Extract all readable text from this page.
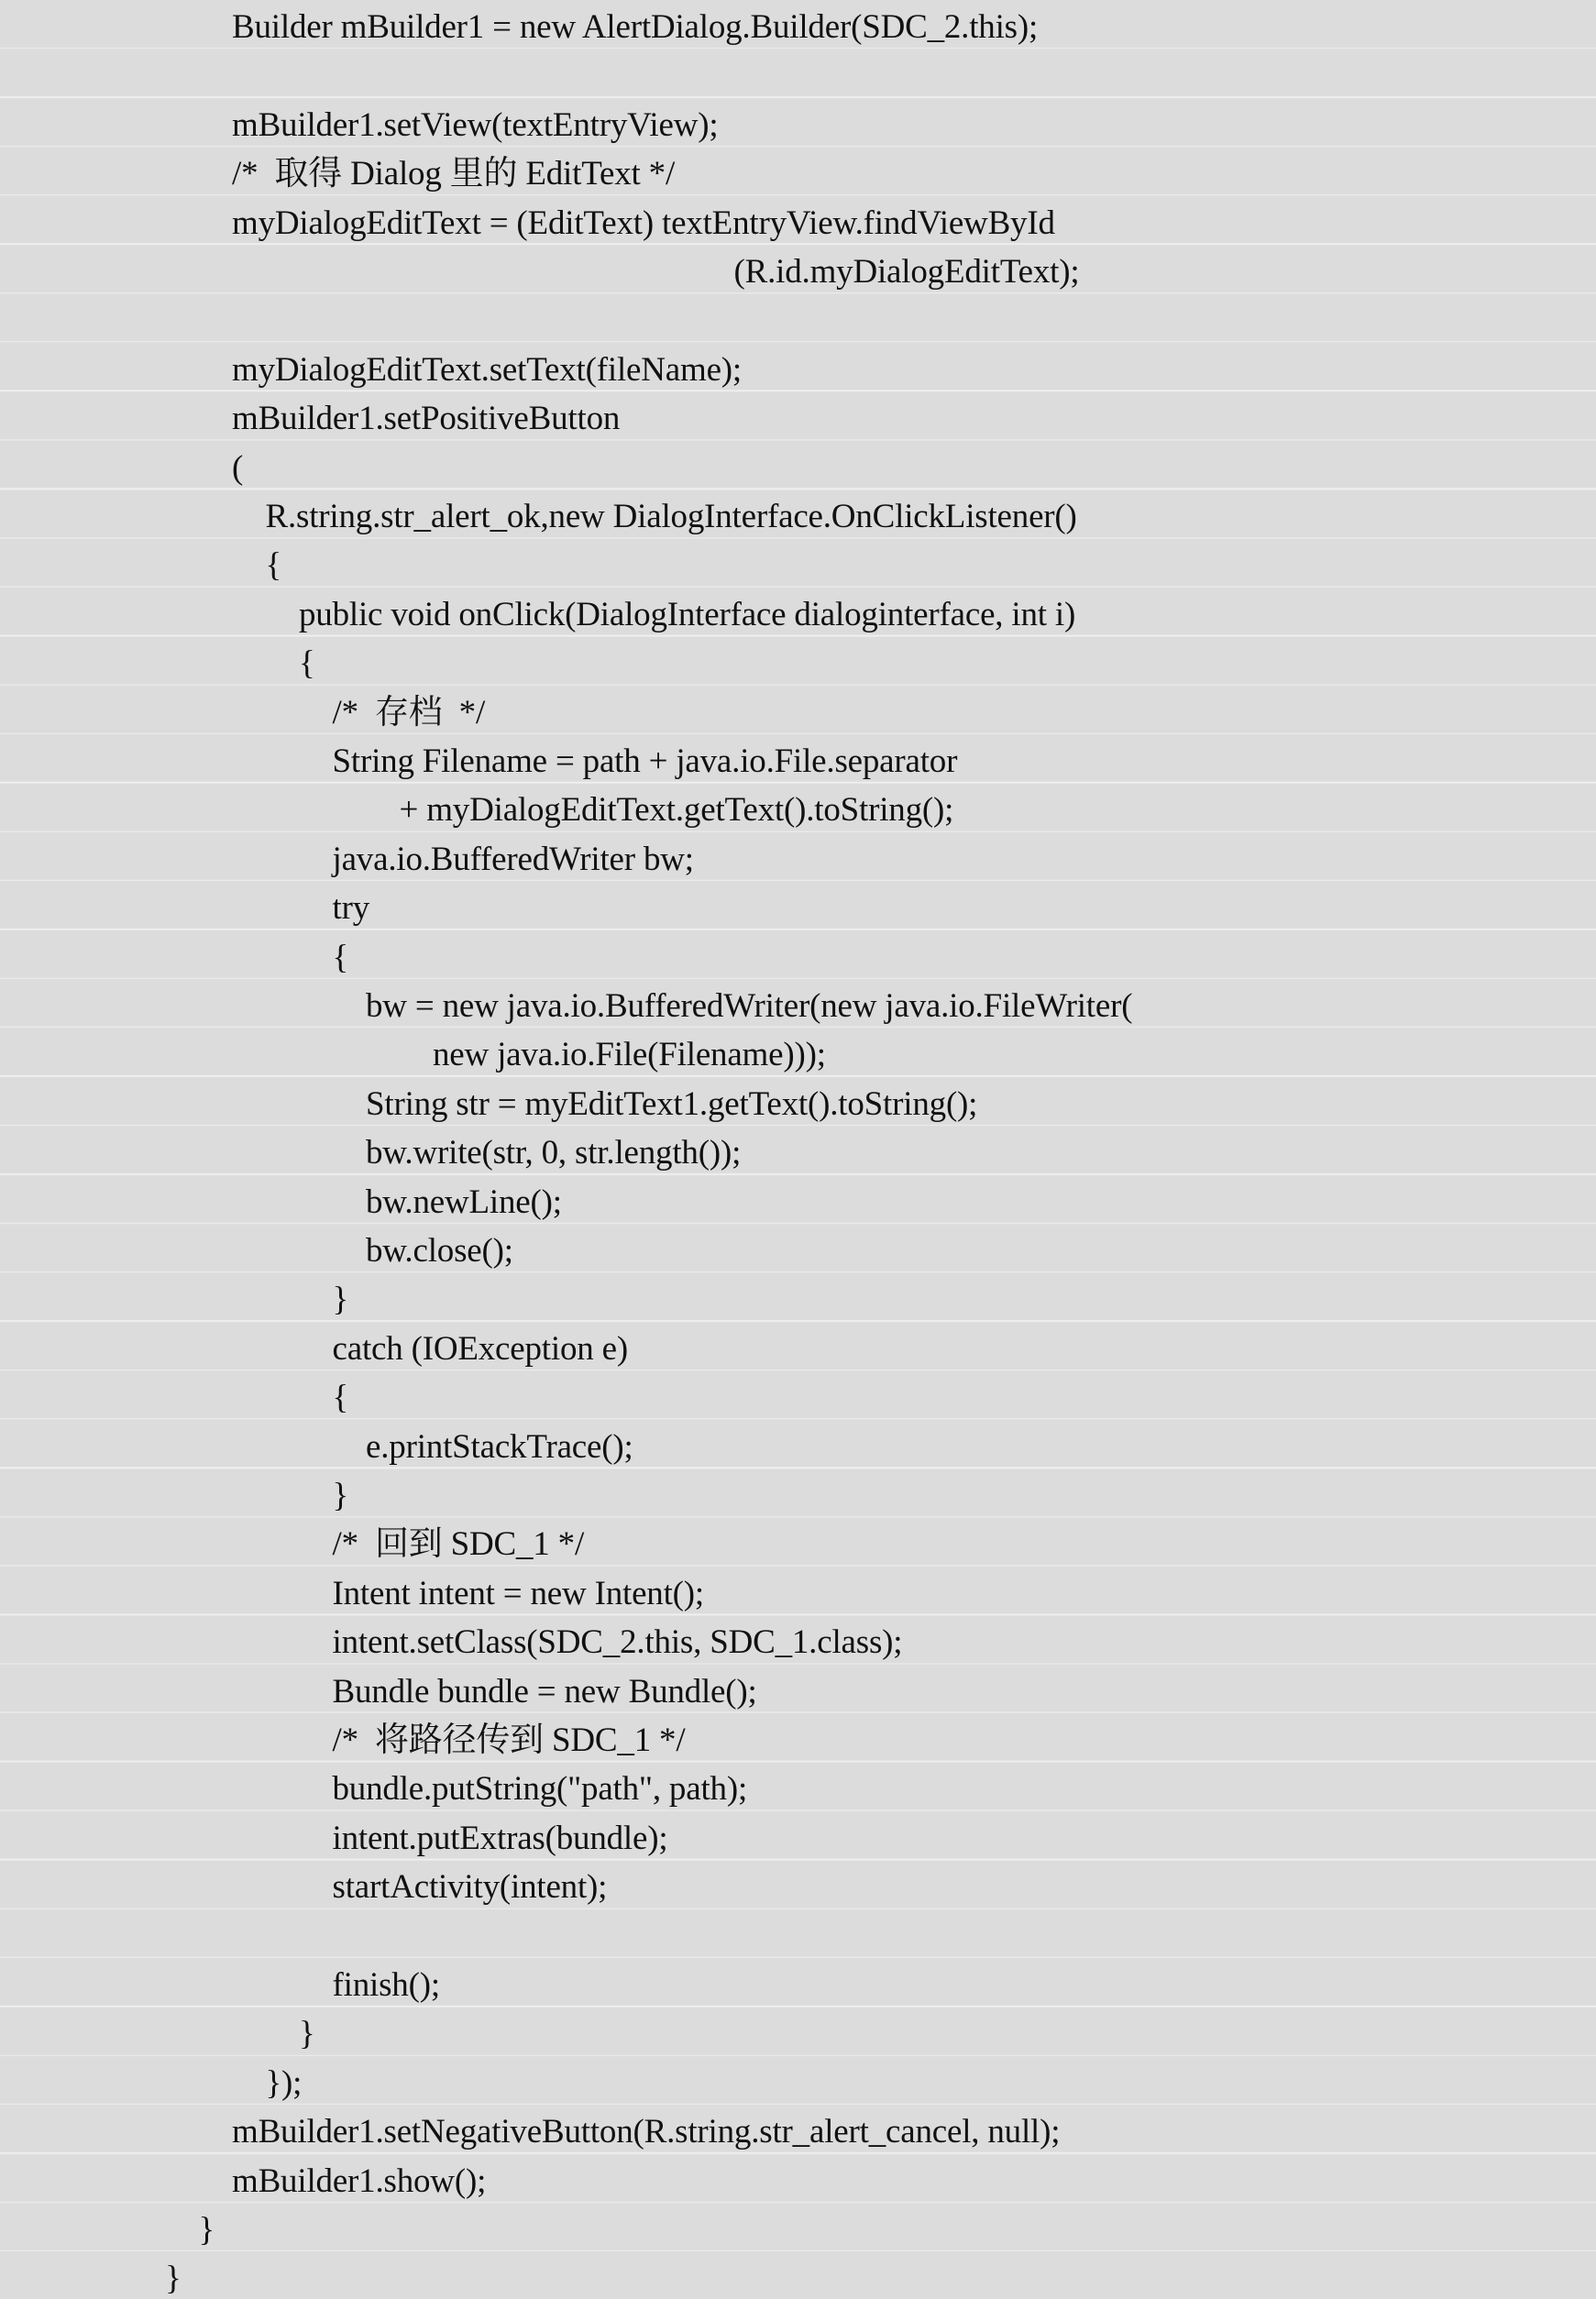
Builder mBuilder1 = new AlertDialog.Builder(SDC_2.this);
mBuilder1.setView(textEntryView);
/*  取得 Dialog 里的 EditText */
myDialogEditText = (EditText) textEntryView.findViewById
(R.id.myDialogEditText);
myDialogEditText.setText(fileName);
mBuilder1.setPositiveButton
(
R.string.str_alert_ok,new DialogInterface.OnClickListener()
{
public void onClick(DialogInterface dialoginterface, int i)
{
/*  存档  */
String Filename = path + java.io.File.separator
+ myDialogEditText.getText().toString();
java.io.BufferedWriter bw;
try
{
bw = new java.io.BufferedWriter(new java.io.FileWriter(
new java.io.File(Filename)));
String str = myEditText1.getText().toString();
bw.write(str, 0, str.length());
bw.newLine();
bw.close();
}
catch (IOException e)
{
e.printStackTrace();
}
/*  回到 SDC_1 */
Intent intent = new Intent();
intent.setClass(SDC_2.this, SDC_1.class);
Bundle bundle = new Bundle();
/*  将路径传到 SDC_1 */
bundle.putString("path", path);
intent.putExtras(bundle);
startActivity(intent);
finish();
}
});
mBuilder1.setNegativeButton(R.string.str_alert_cancel, null);
mBuilder1.show();
}
}
